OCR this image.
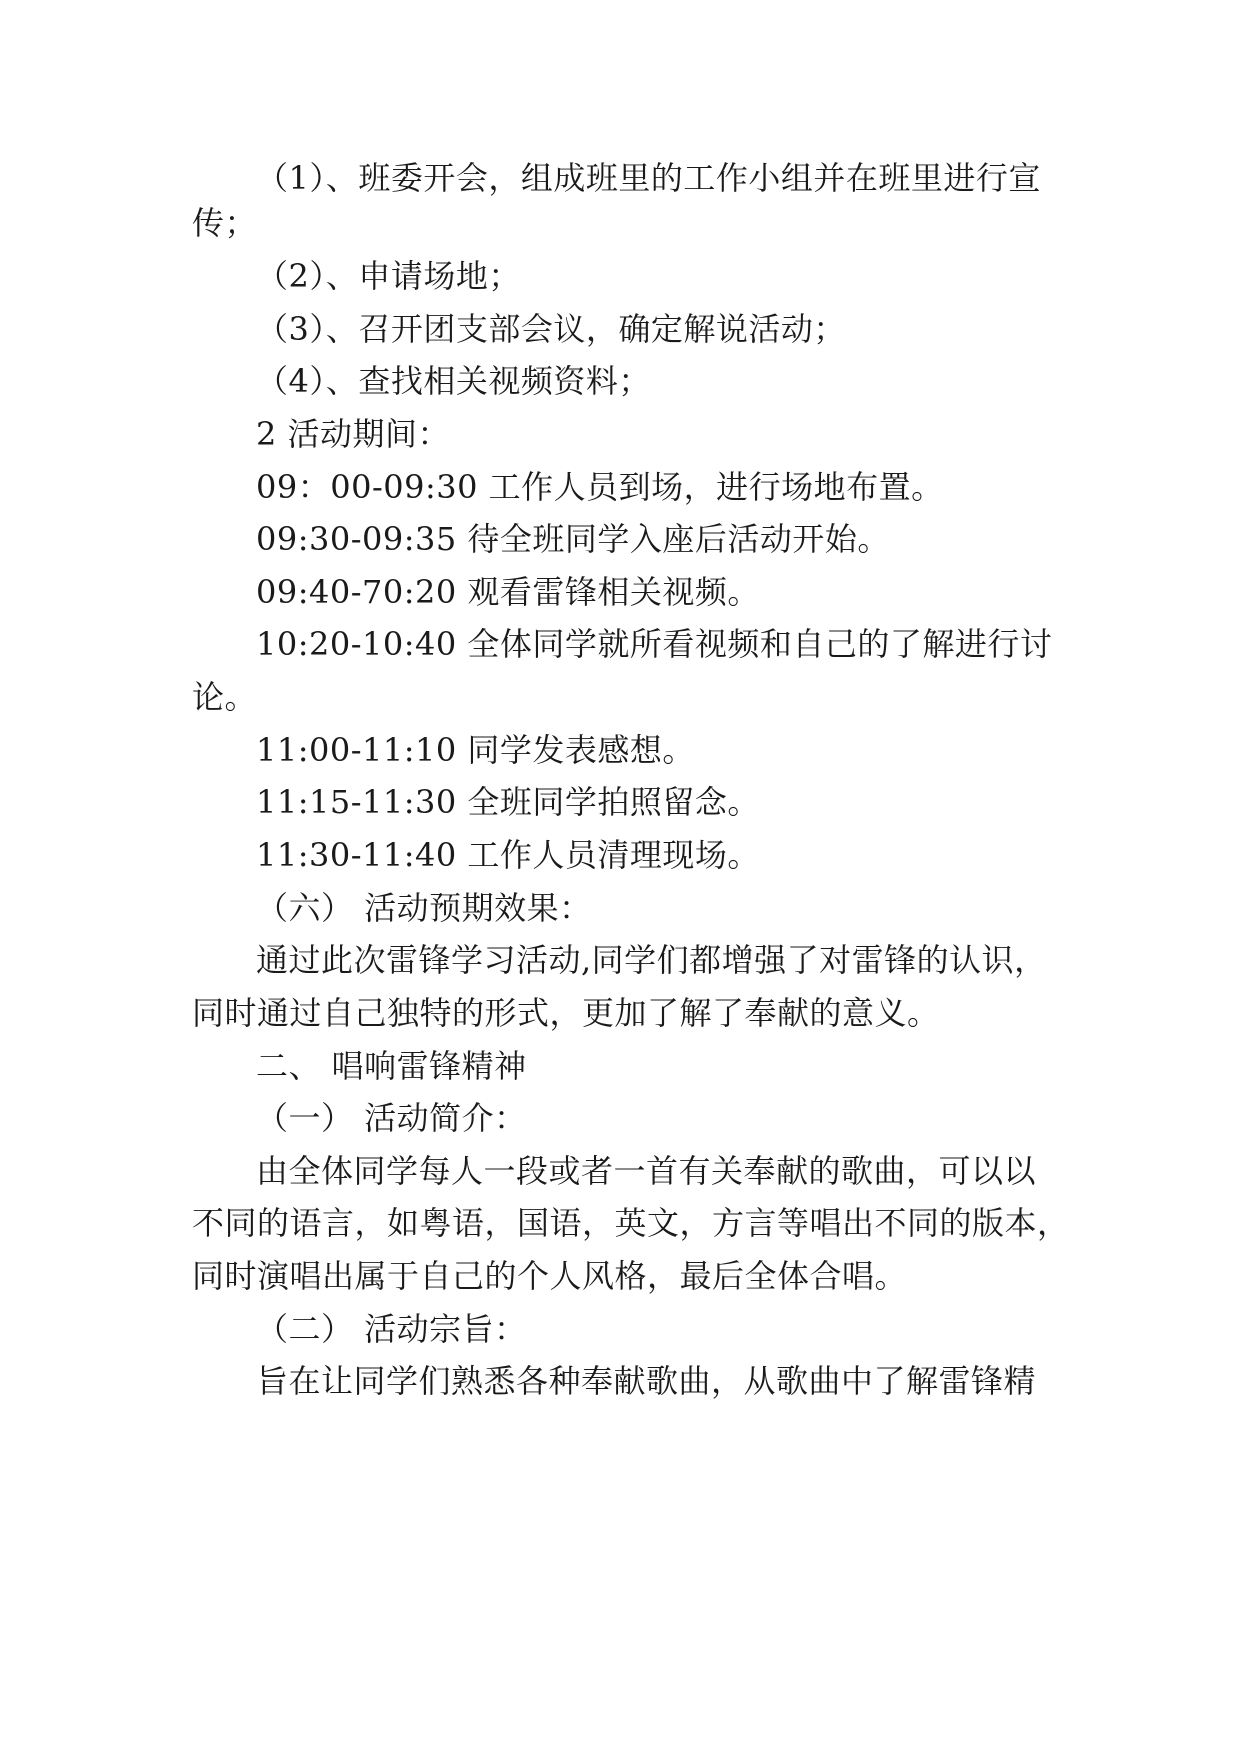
（1）、班委开会，组成班里的工作小组并在班里进行宣
传；
（2）、申请场地；
（3）、召开团支部会议，确定解说活动；
（4）、查找相关视频资料；
2 活动期间：
09：00-09:30 工作人员到场，进行场地布置。
09:30-09:35 待全班同学入座后活动开始。
09:40-70:20 观看雷锋相关视频。
10:20-10:40 全体同学就所看视频和自己的了解进行讨
论。
11:00-11:10 同学发表感想。
11:15-11:30 全班同学拍照留念。
11:30-11:40 工作人员清理现场。
（六） 活动预期效果：
通过此次雷锋学习活动,同学们都增强了对雷锋的认识，
同时通过自己独特的形式，更加了解了奉献的意义。
二、 唱响雷锋精神
（一） 活动简介：
由全体同学每人一段或者一首有关奉献的歌曲，可以以
不同的语言，如粤语，国语，英文，方言等唱出不同的版本，
同时演唱出属于自己的个人风格，最后全体合唱。
（二） 活动宗旨：
旨在让同学们熟悉各种奉献歌曲，从歌曲中了解雷锋精
